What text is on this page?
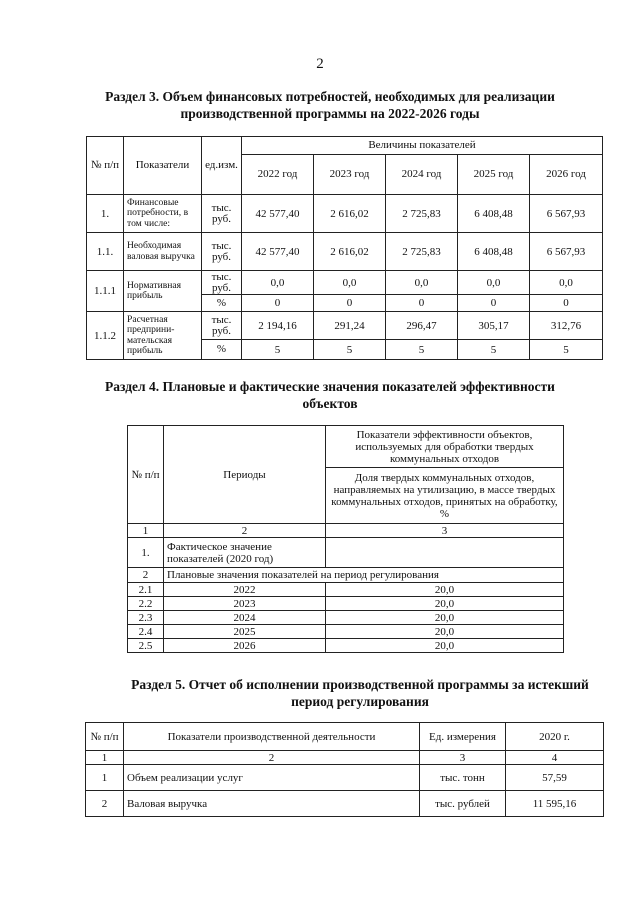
2
Раздел 3. Объем финансовых потребностей, необходимых для реализации
производственной программы на 2022-2026 годы
№ п/п	Показатели	ед.изм.	Величины показателей				
			2022 год	2023 год	2024 год	2025 год	2026 год
1.	Финансовые потребности, в том числе:	тыс. руб.	42 577,40	2 616,02	2 725,83	6 408,48	6 567,93
1.1.	Необходимая валовая выручка	тыс. руб.	42 577,40	2 616,02	2 725,83	6 408,48	6 567,93
1.1.1	Нормативная прибыль	тыс. руб.	0,0	0,0	0,0	0,0	0,0
		%	0	0	0	0	0
1.1.2	Расчетная предприни-мательская прибыль	тыс. руб.	2 194,16	291,24	296,47	305,17	312,76
		%	5	5	5	5	5
Раздел 4. Плановые и фактические значения показателей эффективности
объектов
№ п/п	Периоды	Показатели эффективности объектов, используемых для обработки твердых коммунальных отходов
		Доля твердых коммунальных отходов, направляемых на утилизацию, в массе твердых коммунальных отходов, принятых на обработку, %
1	2	3
1.	Фактическое значение показателей (2020 год)	
2	Плановые значения показателей на период регулирования	
2.1	2022	20,0
2.2	2023	20,0
2.3	2024	20,0
2.4	2025	20,0
2.5	2026	20,0
Раздел 5. Отчет об исполнении производственной программы за истекший
период регулирования
№ п/п	Показатели производственной деятельности	Ед. измерения	2020 г.
1	2	3	4
1	Объем реализации услуг	тыс. тонн	57,59
2	Валовая выручка	тыс. рублей	11 595,16
